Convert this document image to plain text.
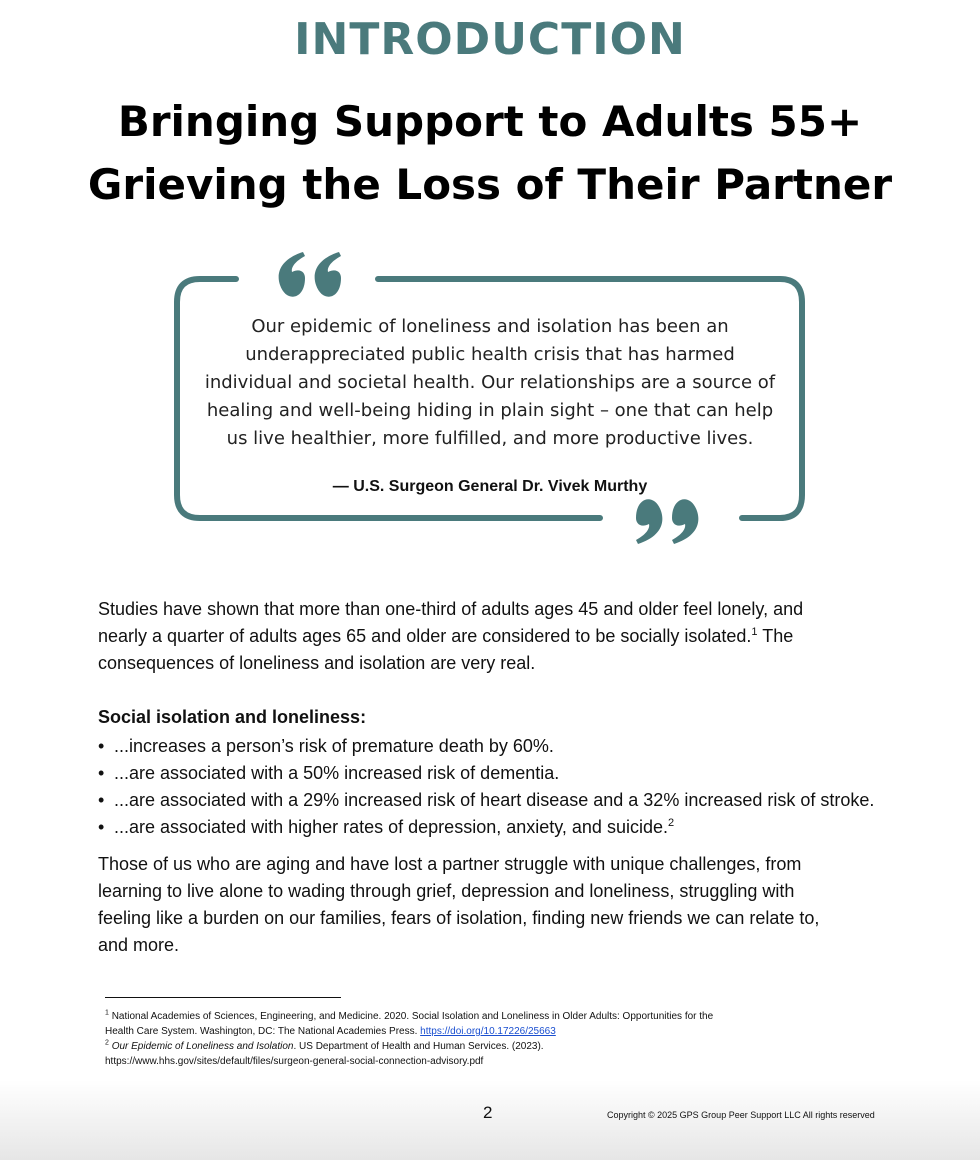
INTRODUCTION
Bringing Support to Adults 55+
Grieving the Loss of Their Partner
Our epidemic of loneliness and isolation has been an
underappreciated public health crisis that has harmed
individual and societal health. Our relationships are a source of
healing and well-being hiding in plain sight – one that can help
us live healthier, more fulfilled, and more productive lives.
— U.S. Surgeon General Dr. Vivek Murthy
Studies have shown that more than one-third of adults ages 45 and older feel lonely, and
nearly a quarter of adults ages 65 and older are considered to be socially isolated.$^1$ The
consequences of loneliness and isolation are very real.
Social isolation and loneliness:
• ...increases a person’s risk of premature death by 60%.
• ...are associated with a 50% increased risk of dementia.
• ...are associated with a 29% increased risk of heart disease and a 32% increased risk of stroke.
• ...are associated with higher rates of depression, anxiety, and suicide.$^2$
Those of us who are aging and have lost a partner struggle with unique challenges, from
learning to live alone to wading through grief, depression and loneliness, struggling with
feeling like a burden on our families, fears of isolation, finding new friends we can relate to,
and more.
$^1$ National Academies of Sciences, Engineering, and Medicine. 2020. Social Isolation and Loneliness in Older Adults: Opportunities for the
Health Care System. Washington, DC: The National Academies Press. https://doi.org/10.17226/25663
$^2$ Our Epidemic of Loneliness and Isolation. US Department of Health and Human Services. (2023).
https://www.hhs.gov/sites/default/files/surgeon-general-social-connection-advisory.pdf
2	Copyright © 2025 GPS Group Peer Support LLC All rights reserved
